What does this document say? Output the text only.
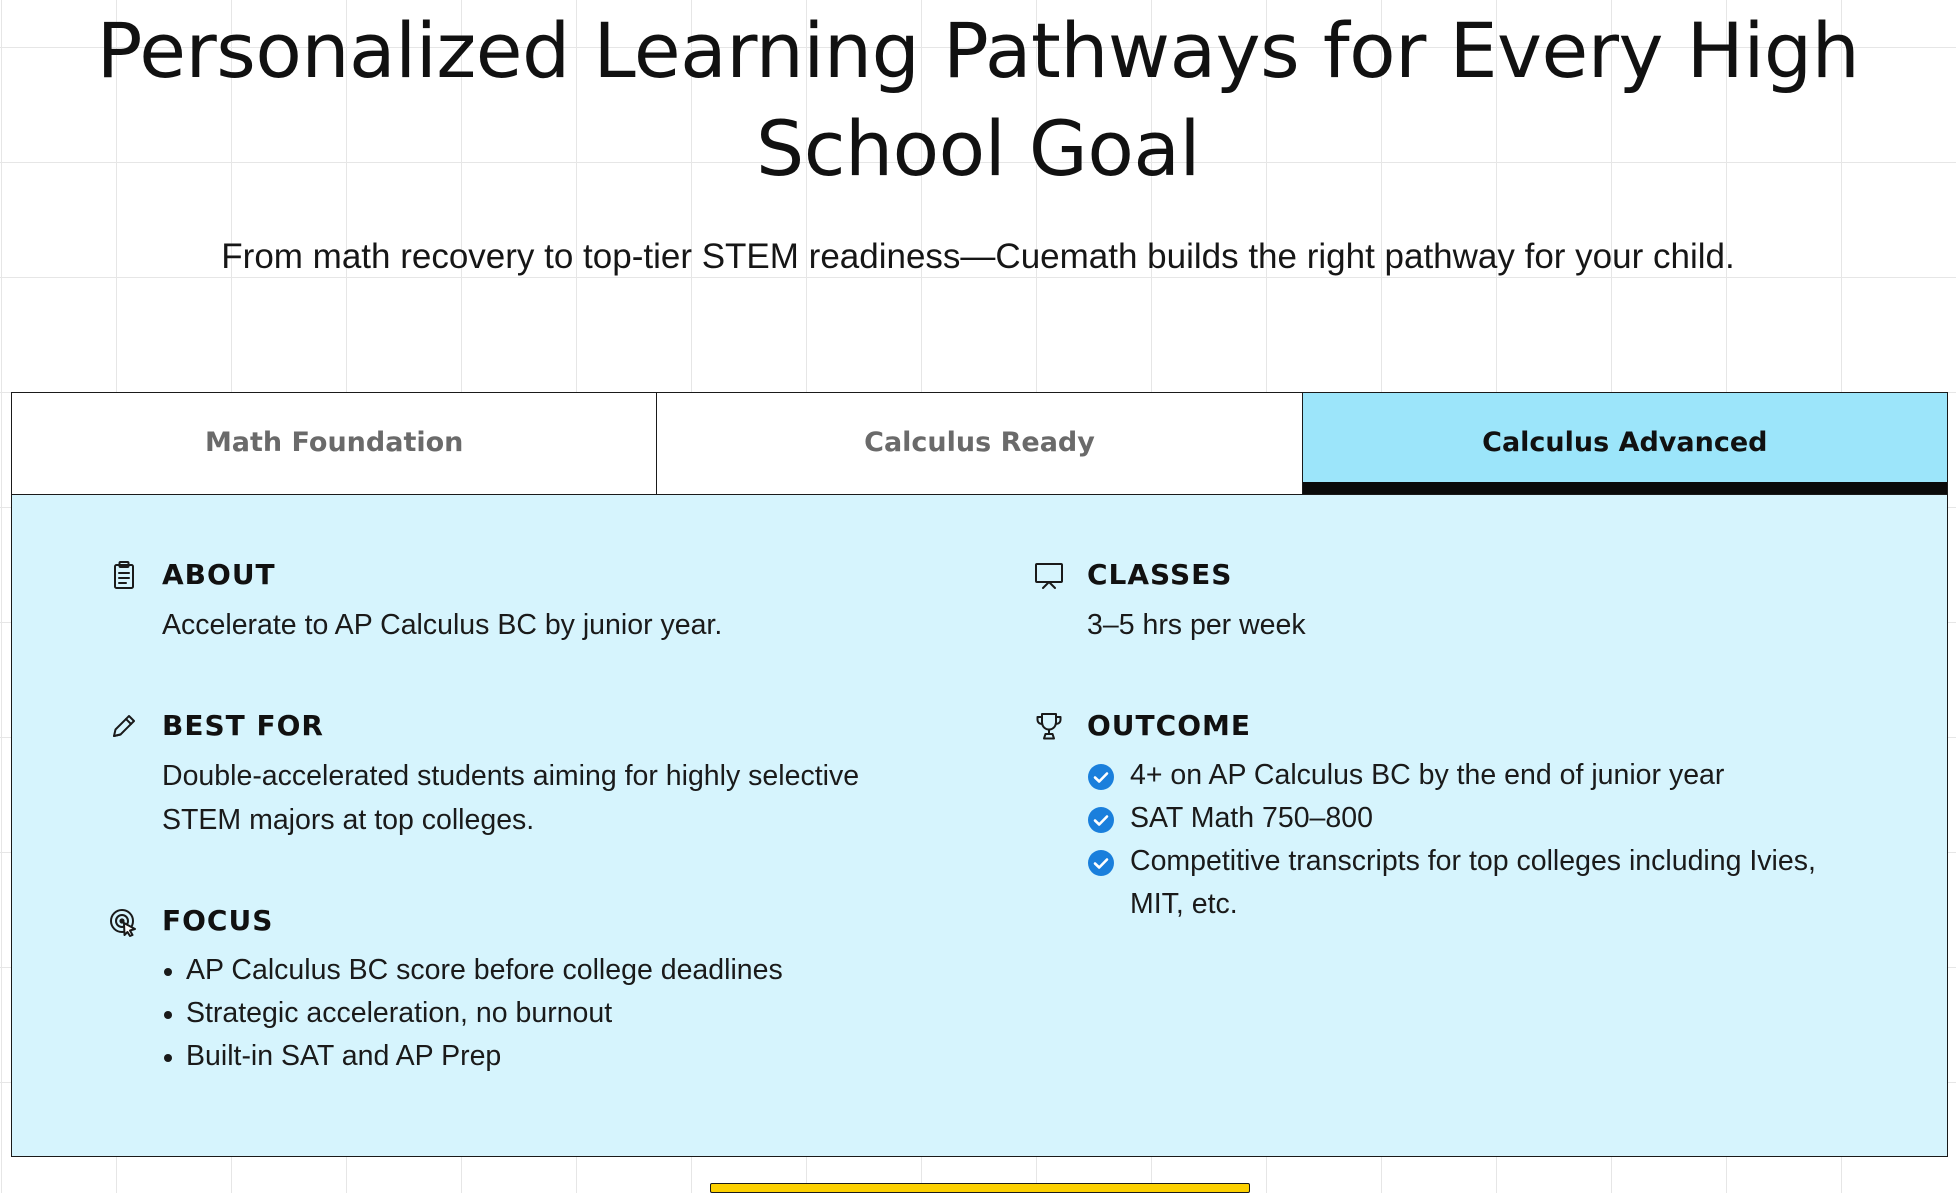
Personalized Learning Pathways for Every High School Goal

From math recovery to top-tier STEM readiness—Cuemath builds the right pathway for your child.

Math Foundation	Calculus Ready	Calculus Advanced
ABOUT

Accelerate to AP Calculus BC by junior year.

BEST FOR

Double-accelerated students aiming for highly selective STEM majors at top colleges.

FOCUS
AP Calculus BC score before college deadlines
Strategic acceleration, no burnout
Built-in SAT and AP Prep
CLASSES

3–5 hrs per week

OUTCOME
4+ on AP Calculus BC by the end of junior year
SAT Math 750–800
Competitive transcripts for top colleges including Ivies, MIT, etc.
